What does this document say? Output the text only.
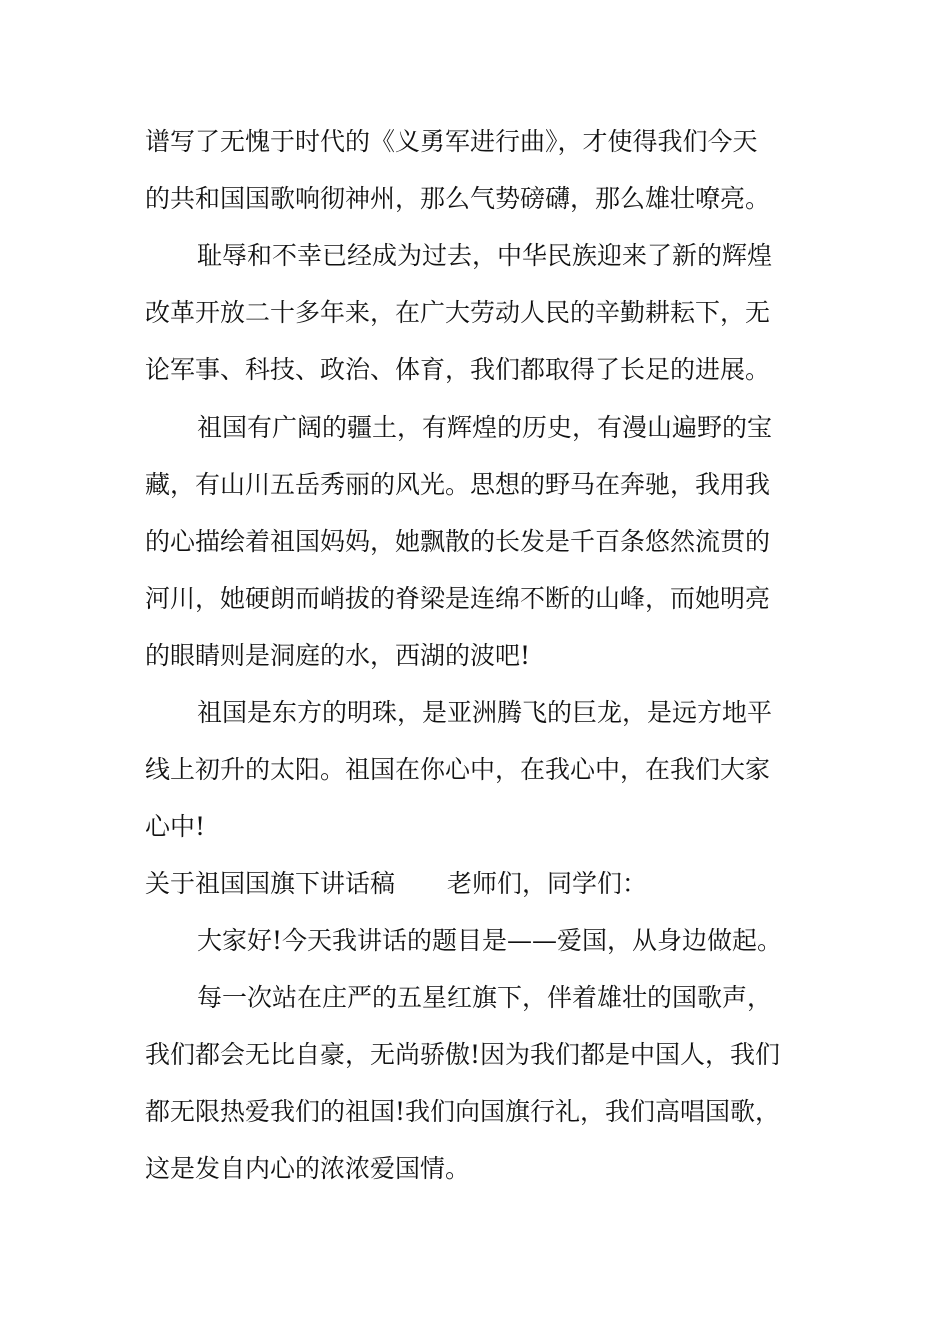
谱写了无愧于时代的《义勇军进行曲》，才使得我们今天
的共和国国歌响彻神州，那么气势磅礴，那么雄壮嘹亮。
耻辱和不幸已经成为过去，中华民族迎来了新的辉煌
改革开放二十多年来，在广大劳动人民的辛勤耕耘下，无
论军事、科技、政治、体育，我们都取得了长足的进展。
祖国有广阔的疆土，有辉煌的历史，有漫山遍野的宝
藏，有山川五岳秀丽的风光。思想的野马在奔驰，我用我
的心描绘着祖国妈妈，她飘散的长发是千百条悠然流贯的
河川，她硬朗而峭拔的脊梁是连绵不断的山峰，而她明亮
的眼睛则是洞庭的水，西湖的波吧!
祖国是东方的明珠，是亚洲腾飞的巨龙，是远方地平
线上初升的太阳。祖国在你心中，在我心中，在我们大家
心中!
关于祖国国旗下讲话稿 老师们，同学们：
大家好!今天我讲话的题目是——爱国，从身边做起。
每一次站在庄严的五星红旗下，伴着雄壮的国歌声，
我们都会无比自豪，无尚骄傲!因为我们都是中国人，我们
都无限热爱我们的祖国!我们向国旗行礼，我们高唱国歌，
这是发自内心的浓浓爱国情。
